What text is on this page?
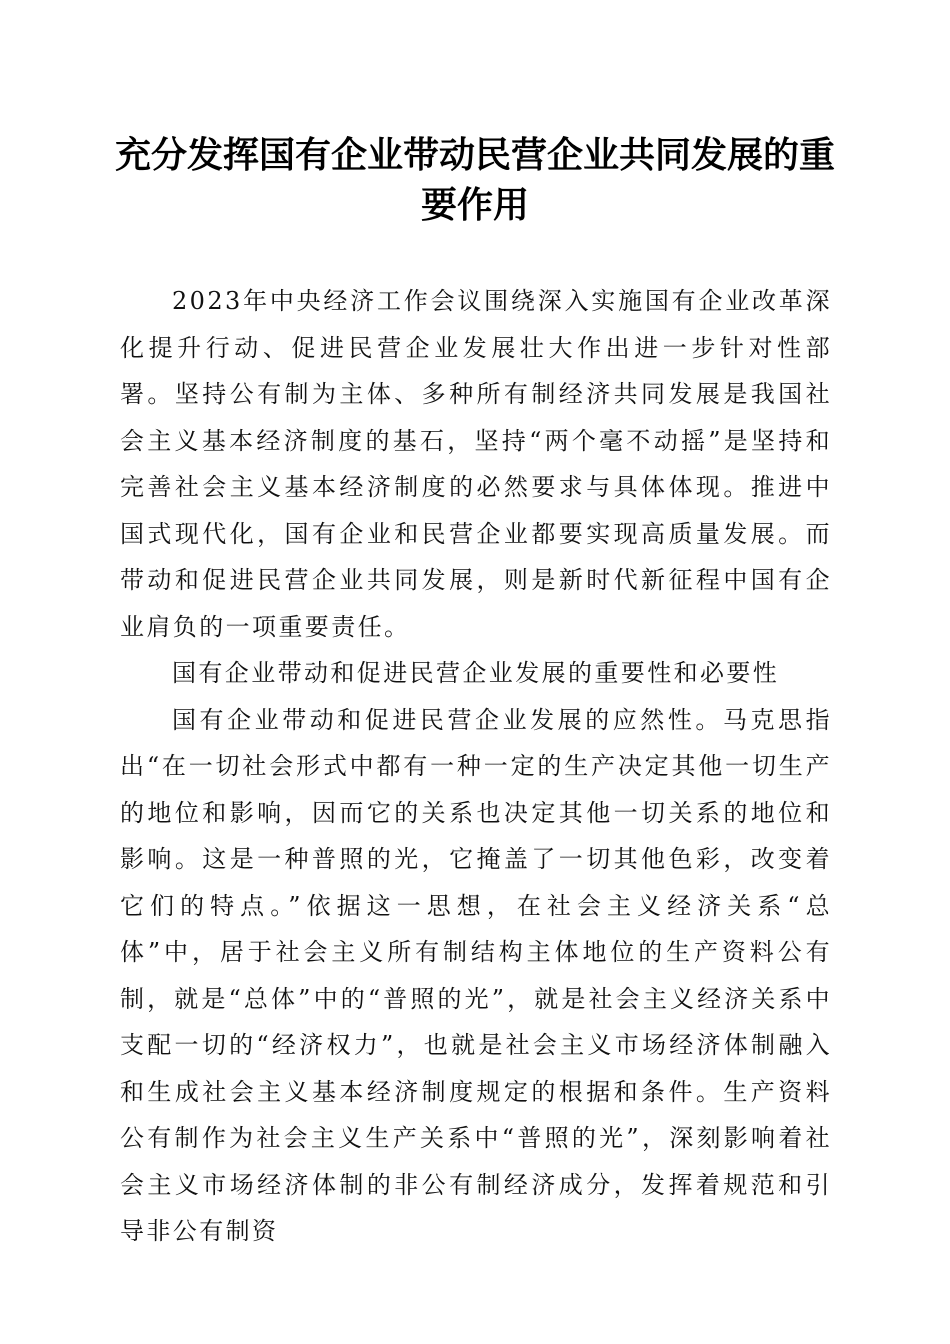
充分发挥国有企业带动民营企业共同发展的重要作用

2023年中央经济工作会议围绕深入实施国有企业改革深化提升行动、促进民营企业发展壮大作出进一步针对性部署。坚持公有制为主体、多种所有制经济共同发展是我国社会主义基本经济制度的基石，坚持“两个毫不动摇”是坚持和完善社会主义基本经济制度的必然要求与具体体现。推进中国式现代化，国有企业和民营企业都要实现高质量发展。而带动和促进民营企业共同发展，则是新时代新征程中国有企业肩负的一项重要责任。

国有企业带动和促进民营企业发展的重要性和必要性

国有企业带动和促进民营企业发展的应然性。马克思指出“在一切社会形式中都有一种一定的生产决定其他一切生产的地位和影响，因而它的关系也决定其他一切关系的地位和影响。这是一种普照的光，它掩盖了一切其他色彩，改变着它们的特点。”依据这一思想，在社会主义经济关系“总体”中，居于社会主义所有制结构主体地位的生产资料公有制，就是“总体”中的“普照的光”，就是社会主义经济关系中支配一切的“经济权力”，也就是社会主义市场经济体制融入和生成社会主义基本经济制度规定的根据和条件。生产资料公有制作为社会主义生产关系中“普照的光”，深刻影响着社会主义市场经济体制的非公有制经济成分，发挥着规范和引导非公有制资
